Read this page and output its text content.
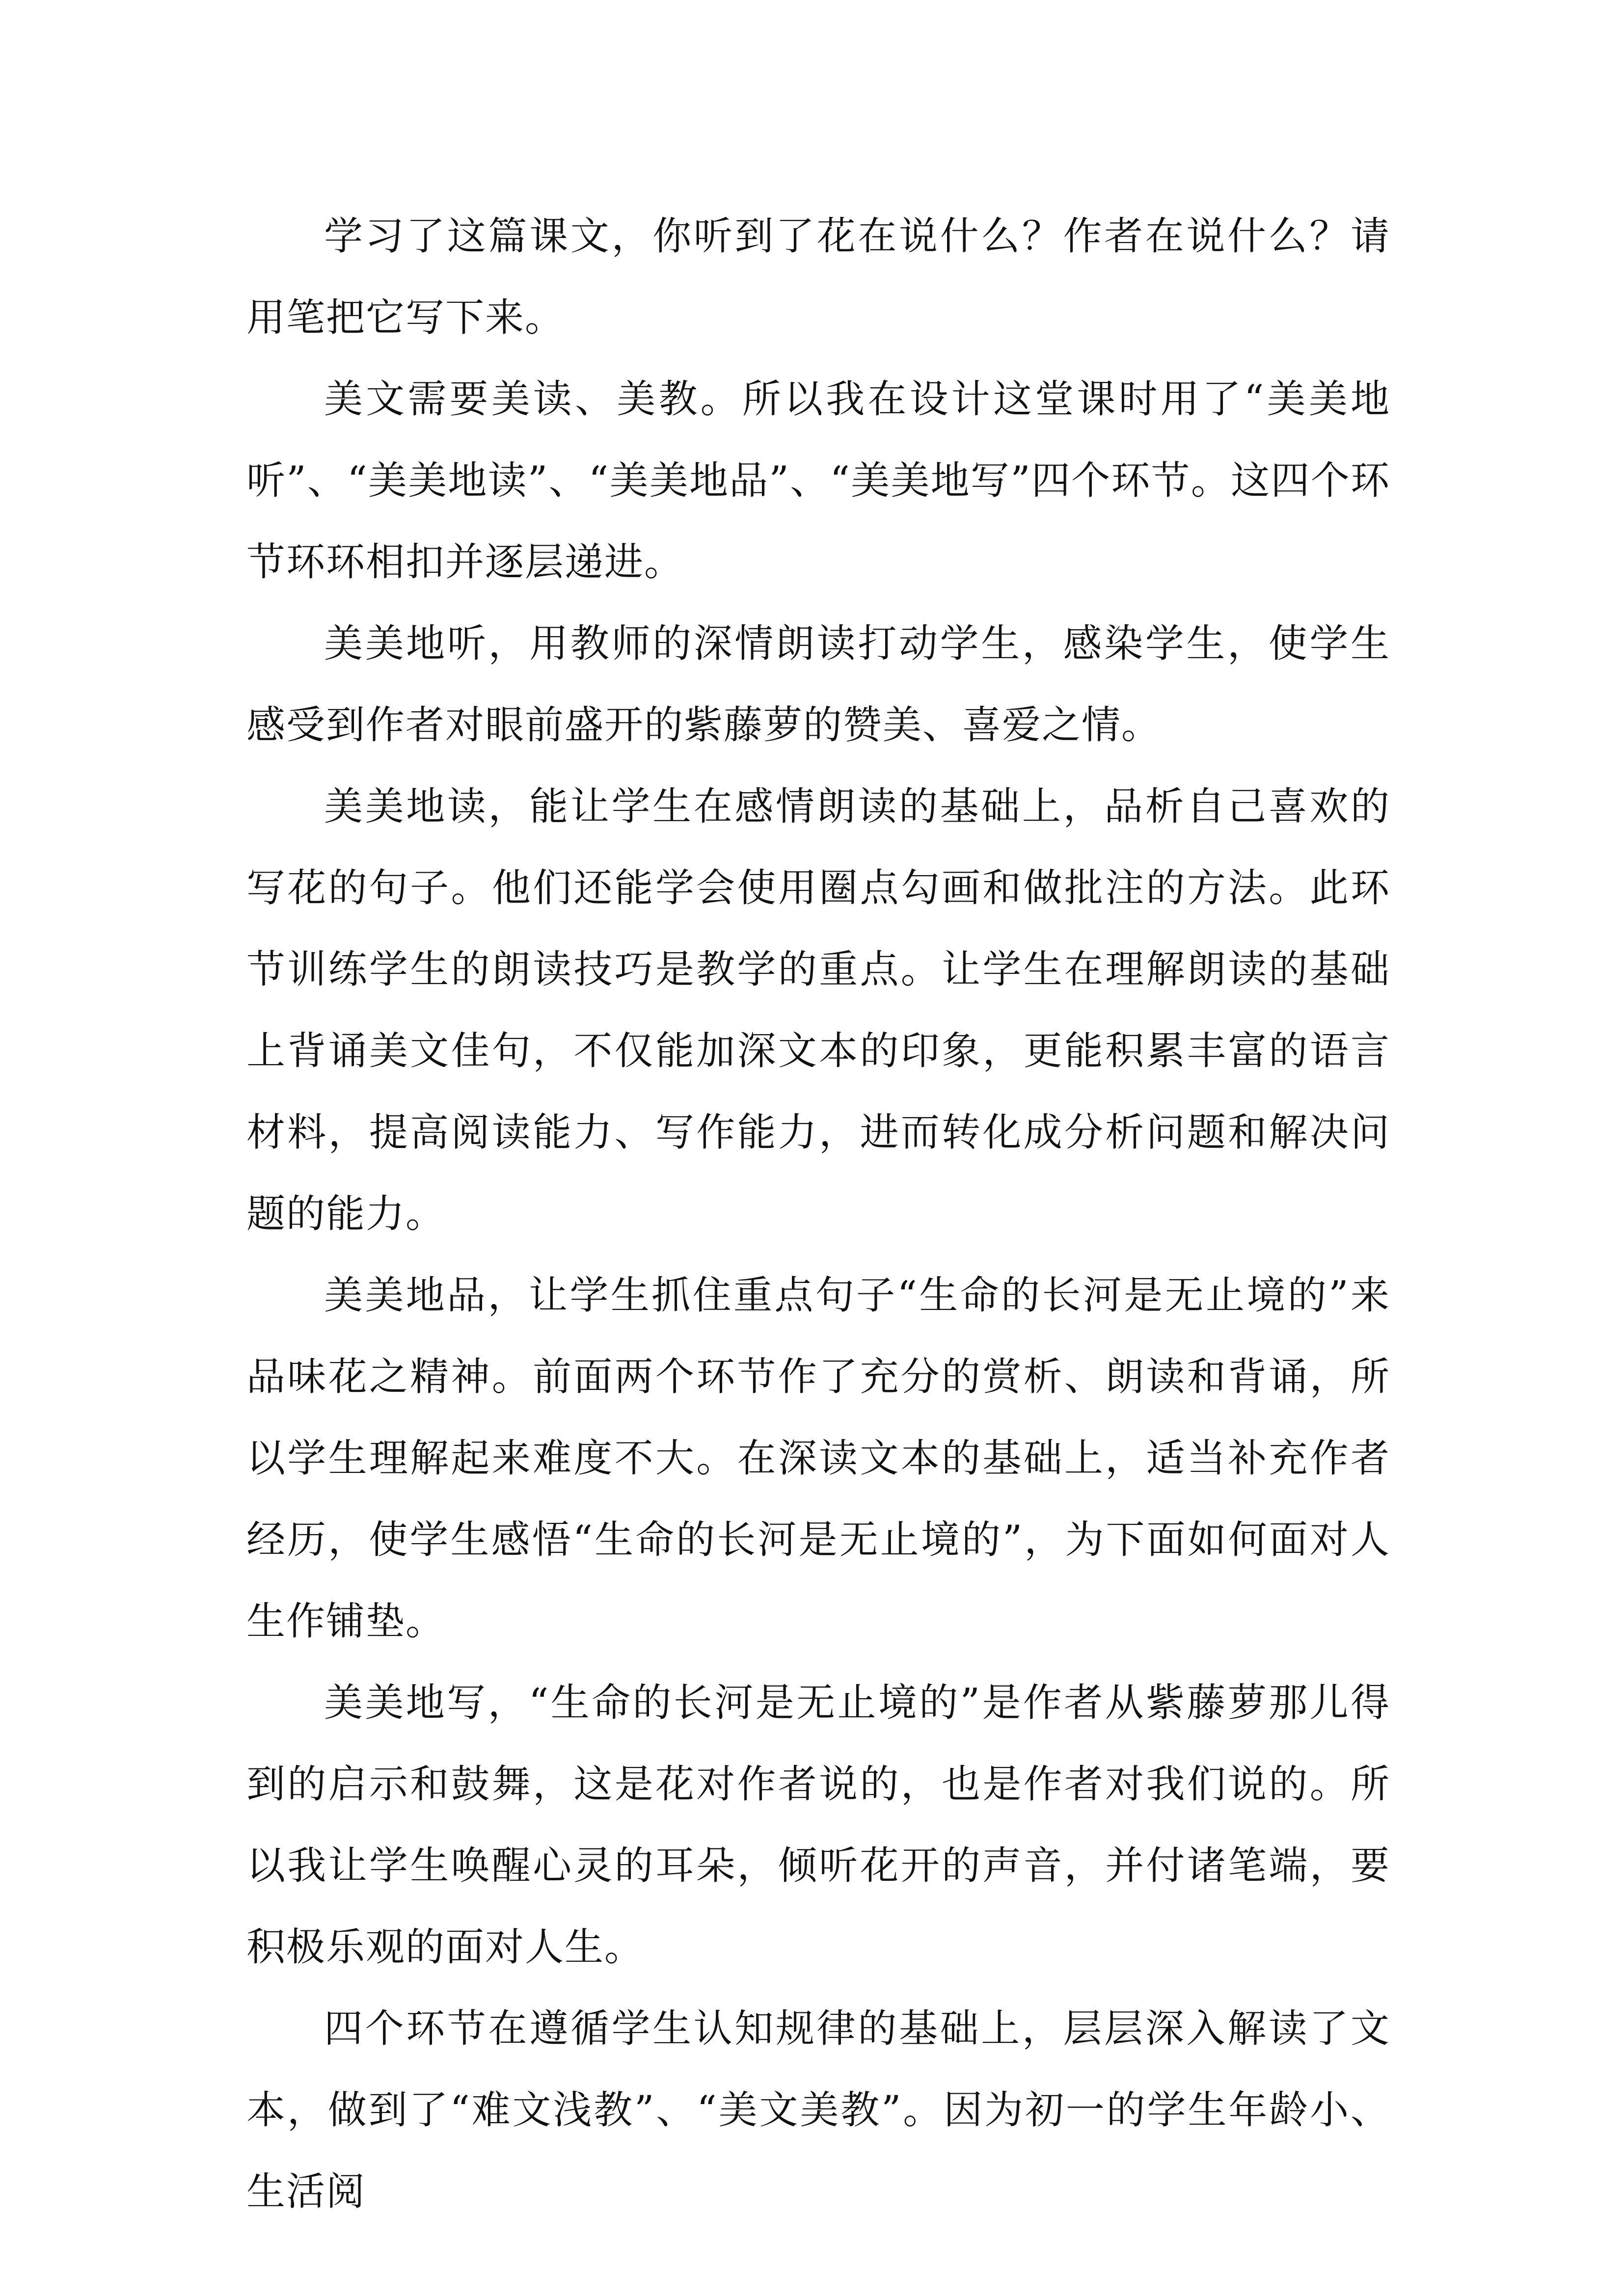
学习了这篇课文，你听到了花在说什么？作者在说什么？请用笔把它写下来。

美文需要美读、美教。所以我在设计这堂课时用了“美美地听”、“美美地读”、“美美地品”、“美美地写”四个环节。这四个环节环环相扣并逐层递进。

美美地听，用教师的深情朗读打动学生，感染学生，使学生感受到作者对眼前盛开的紫藤萝的赞美、喜爱之情。

美美地读，能让学生在感情朗读的基础上，品析自己喜欢的写花的句子。他们还能学会使用圈点勾画和做批注的方法。此环节训练学生的朗读技巧是教学的重点。让学生在理解朗读的基础上背诵美文佳句，不仅能加深文本的印象，更能积累丰富的语言材料，提高阅读能力、写作能力，进而转化成分析问题和解决问题的能力。

美美地品，让学生抓住重点句子“生命的长河是无止境的”来品味花之精神。前面两个环节作了充分的赏析、朗读和背诵，所以学生理解起来难度不大。在深读文本的基础上，适当补充作者经历，使学生感悟“生命的长河是无止境的”，为下面如何面对人生作铺垫。

美美地写，“生命的长河是无止境的”是作者从紫藤萝那儿得到的启示和鼓舞，这是花对作者说的，也是作者对我们说的。所以我让学生唤醒心灵的耳朵，倾听花开的声音，并付诸笔端，要积极乐观的面对人生。

四个环节在遵循学生认知规律的基础上，层层深入解读了文本，做到了“难文浅教”、“美文美教”。因为初一的学生年龄小、生活阅
